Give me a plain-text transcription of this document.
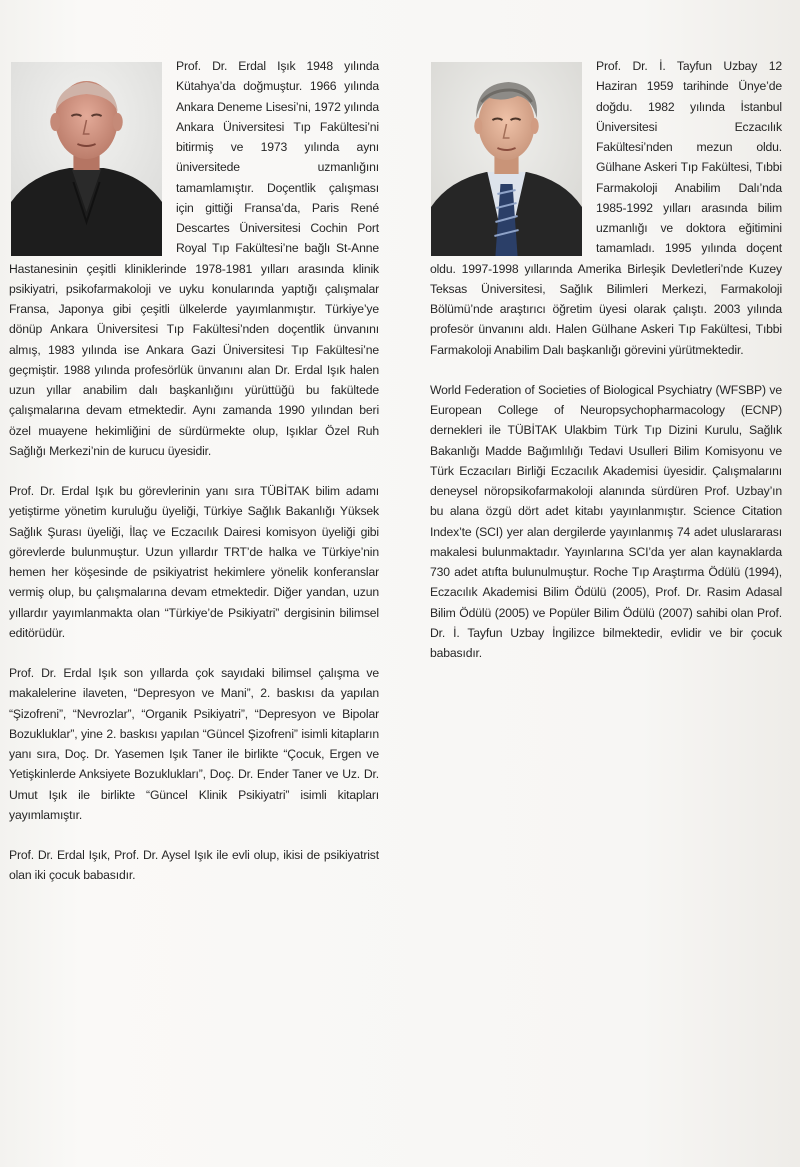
Prof. Dr. Erdal Işık 1948 yılında Kütahya’da doğmuştur. 1966 yılında Ankara Deneme Lisesi’ni, 1972 yılında Ankara Üniversitesi Tıp Fakültesi’ni bitirmiş ve 1973 yılında aynı üniversitede uzmanlığını tamamlamıştır. Doçentlik çalışması için gittiği Fransa’da, Paris René Descartes Üniversitesi Cochin Port Royal Tıp Fakültesi’ne bağlı St-Anne Hastanesinin çeşitli kliniklerinde 1978-1981 yılları arasında klinik psikiyatri, psikofarmakoloji ve uyku konularında yaptığı çalışmalar Fransa, Japonya gibi çeşitli ülkelerde yayımlanmıştır. Türkiye’ye dönüp Ankara Üniversitesi Tıp Fakültesi’nden doçentlik ünvanını almış, 1983 yılında ise Ankara Gazi Üniversitesi Tıp Fakültesi’ne geçmiştir. 1988 yılında profesörlük ünvanını alan Dr. Erdal Işık halen uzun yıllar anabilim dalı başkanlığını yürüttüğü bu fakültede çalışmalarına devam etmektedir. Aynı zamanda 1990 yılından beri özel muayene hekimliğini de sürdürmekte olup, Işıklar Özel Ruh Sağlığı Merkezi’nin de kurucu üyesidir.

Prof. Dr. Erdal Işık bu görevlerinin yanı sıra TÜBİTAK bilim adamı yetiştirme yönetim kuruluğu üyeliği, Türkiye Sağlık Bakanlığı Yüksek Sağlık Şurası üyeliği, İlaç ve Eczacılık Dairesi komisyon üyeliği gibi görevlerde bulunmuştur. Uzun yıllardır TRT’de halka ve Türkiye’nin hemen her köşesinde de psikiyatrist hekimlere yönelik konferanslar vermiş olup, bu çalışmalarına devam etmektedir. Diğer yandan, uzun yıllardır yayımlanmakta olan “Türkiye’de Psikiyatri” dergisinin bilimsel editörüdür.

Prof. Dr. Erdal Işık son yıllarda çok sayıdaki bilimsel çalışma ve makalelerine ilaveten, “Depresyon ve Mani”, 2. baskısı da yapılan “Şizofreni”, “Nevrozlar”, “Organik Psikiyatri”, “Depresyon ve Bipolar Bozukluklar”, yine 2. baskısı yapılan “Güncel Şizofreni” isimli kitapların yanı sıra, Doç. Dr. Yasemen Işık Taner ile birlikte “Çocuk, Ergen ve Yetişkinlerde Anksiyete Bozuklukları”, Doç. Dr. Ender Taner ve Uz. Dr. Umut Işık ile birlikte “Güncel Klinik Psikiyatri” isimli kitapları yayımlamıştır.

Prof. Dr. Erdal Işık, Prof. Dr. Aysel Işık ile evli olup, ikisi de psikiyatrist olan iki çocuk babasıdır.

Prof. Dr. İ. Tayfun Uzbay 12 Haziran 1959 tarihinde Ünye’de doğdu. 1982 yılında İstanbul Üniversitesi Eczacılık Fakültesi’nden mezun oldu. Gülhane Askeri Tıp Fakültesi, Tıbbi Farmakoloji Anabilim Dalı’nda 1985-1992 yılları arasında bilim uzmanlığı ve doktora eğitimini tamamladı. 1995 yılında doçent oldu. 1997-1998 yıllarında Amerika Birleşik Devletleri’nde Kuzey Teksas Üniversitesi, Sağlık Bilimleri Merkezi, Farmakoloji Bölümü’nde araştırıcı öğretim üyesi olarak çalıştı. 2003 yılında profesör ünvanını aldı. Halen Gülhane Askeri Tıp Fakültesi, Tıbbi Farmakoloji Anabilim Dalı başkanlığı görevini yürütmektedir.

World Federation of Societies of Biological Psychiatry (WFSBP) ve European College of Neuropsychopharmacology (ECNP) dernekleri ile TÜBİTAK Ulakbim Türk Tıp Dizini Kurulu, Sağlık Bakanlığı Madde Bağımlılığı Tedavi Usulleri Bilim Komisyonu ve Türk Eczacıları Birliği Eczacılık Akademisi üyesidir. Çalışmalarını deneysel nöropsikofarmakoloji alanında sürdüren Prof. Uzbay’ın bu alana özgü dört adet kitabı yayınlanmıştır. Science Citation Index’te (SCI) yer alan dergilerde yayınlanmış 74 adet uluslararası makalesi bulunmaktadır. Yayınlarına SCI’da yer alan kaynaklarda 730 adet atıfta bulunulmuştur. Roche Tıp Araştırma Ödülü (1994), Eczacılık Akademisi Bilim Ödülü (2005), Prof. Dr. Rasim Adasal Bilim Ödülü (2005) ve Popüler Bilim Ödülü (2007) sahibi olan Prof. Dr. İ. Tayfun Uzbay İngilizce bilmektedir, evlidir ve bir çocuk babasıdır.
